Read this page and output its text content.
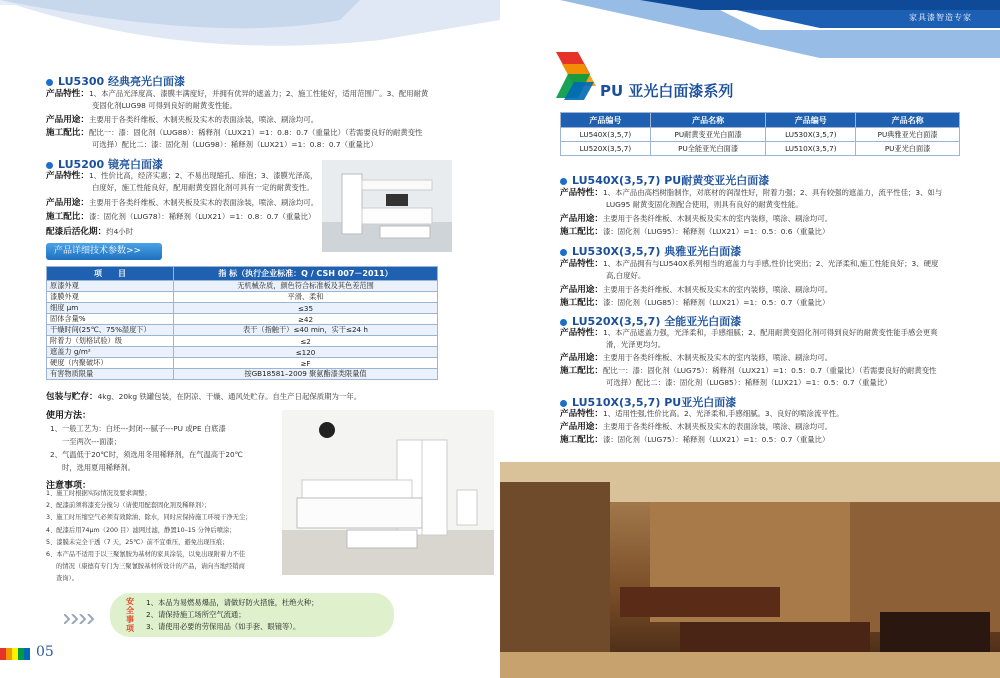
家具漆智造专家
LU5300 经典亮光白面漆
产品特性：1、本产品光泽度高、漆膜丰满度好，并拥有优异的遮盖力；2、施工性能好，适用范围广。3、配用耐黄
变固化剂LUG98 可得到良好的耐黄变性能。
产品用途：主要用于各类纤维板、木制夹板及实木的表面涂装，喷涂、刷涂均可。
施工配比：配比一：漆：固化剂（LUG88）：稀释剂（LUX21）=1：0.8：0.7（重量比）（若需要良好的耐黄变性
可选择）配比二：漆：固化剂（LUG98）：稀释剂（LUX21）=1：0.8：0.7（重量比）
LU5200 镜亮白面漆
产品特性：1、性价比高，经济实惠；2、不易出现缩孔、痱泡；3、漆膜光泽高，
白度好，施工性能良好，配用耐黄变固化剂可具有一定的耐黄变性。
产品用途：主要用于各类纤维板、木制夹板及实木的表面涂装，喷涂、刷涂均可。
施工配比：漆：固化剂（LUG78）：稀释剂（LUX21）=1：0.8：0.7（重量比）
配漆后活化期：约4小时
产品详细技术参数>>
项　　目	指 标（执行企业标准：Q / CSH 007－2011）
原漆外观	无机械杂质，颜色符合标准板及其色差范围
漆膜外观	平滑、柔和
细度 μm	≤35
固体含量%	≥42
干燥时间(25℃、75%湿度下）	表干（指触干）≤40 min，实干≤24 h
附着力（划格试验）级	≤2
遮盖力 g/m²	≤120
硬度（内聚破坏）	≥F
有害物质限量	按GB18581–2009 聚氨酯漆类限量值
包装与贮存：4kg、20kg 铁罐包装，在阴凉、干燥、通风处贮存。自生产日起保质期为一年。
使用方法：
1、一般工艺为：白坯---封闭---腻子---PU 或PE 白底漆
一至两次---面漆；
2、气温低于20℃时，须选用冬用稀释剂，在气温高于20℃
时，选用夏用稀释剂。
注意事项：
1、施工时根据实际情况及要求调整；
2、配漆前须将漆充分搅匀（请使用配套固化剂及稀释剂）；
3、施工时压缩空气必须有效除油、除水，同时应保持施工环境干净无尘；
4、配漆后用74μm（200 目）滤网过滤，静置10–15 分钟后喷涂；
5、漆膜未完全干透（7 天，25℃）前不宜重压，避免出现压痕；
6、本产品不适用于以三聚氰胺为基材的家具涂装，以免出现附着力不佳
的情况（康德有专门为三聚氰胺基材所设计的产品，请向当地经销商
查询）。
安全事项
1、本品为易燃易爆品，请做好防火措施，杜绝火种；
2、请保持施工场所空气流通；
3、请使用必要的劳保用品（如手套、眼镜等）。
05
PU 亚光白面漆系列
产品编号	产品名称	产品编号	产品名称
LU540X(3,5,7)	PU耐黄变亚光白面漆	LU530X(3,5,7)	PU典雅亚光白面漆
LU520X(3,5,7)	PU全能亚光白面漆	LU510X(3,5,7)	PU亚光白面漆
LU540X(3,5,7) PU耐黄变亚光白面漆
产品特性：1、本产品由高档树脂制作，对底材的润湿性好，附着力强；2、具有较强的遮盖力，流平性佳；3、如与
LUG95 耐黄变固化剂配合使用，则具有良好的耐黄变性能。
产品用途：主要用于各类纤维板、木制夹板及实木的室内装修，喷涂、刷涂均可。
施工配比：漆：固化剂（LUG95）：稀释剂（LUX21）=1：0.5：0.6（重量比）
LU530X(3,5,7) 典雅亚光白面漆
产品特性：1、本产品拥有与LU540X系列相当的遮盖力与手感,性价比突出；2、光泽柔和,施工性能良好；3、硬度
高,白度好。
产品用途：主要用于各类纤维板、木制夹板及实木的室内装修，喷涂、刷涂均可。
施工配比：漆：固化剂（LUG85）：稀释剂（LUX21）=1：0.5：0.7（重量比）
LU520X(3,5,7) 全能亚光白面漆
产品特性：1、本产品遮盖力强，光泽柔和，手感细腻；2、配用耐黄变固化剂可得到良好的耐黄变性能手感会更爽
滑，光泽更均匀。
产品用途：主要用于各类纤维板、木制夹板及实木的室内装修，喷涂、刷涂均可。
施工配比：配比一：漆：固化剂（LUG75）：稀释剂（LUX21）=1：0.5：0.7（重量比）（若需要良好的耐黄变性
可选择）配比二：漆：固化剂（LUG85）：稀释剂（LUX21）=1：0.5：0.7（重量比）
LU510X(3,5,7) PU亚光白面漆
产品特性：1、适用性强,性价比高。2、光泽柔和,手感细腻。3、良好的喷涂流平性。
产品用途：主要用于各类纤维板、木制夹板及实木的表面涂装，喷涂、刷涂均可。
施工配比：漆：固化剂（LUG75）：稀释剂（LUX21）=1：0.5：0.7（重量比）
